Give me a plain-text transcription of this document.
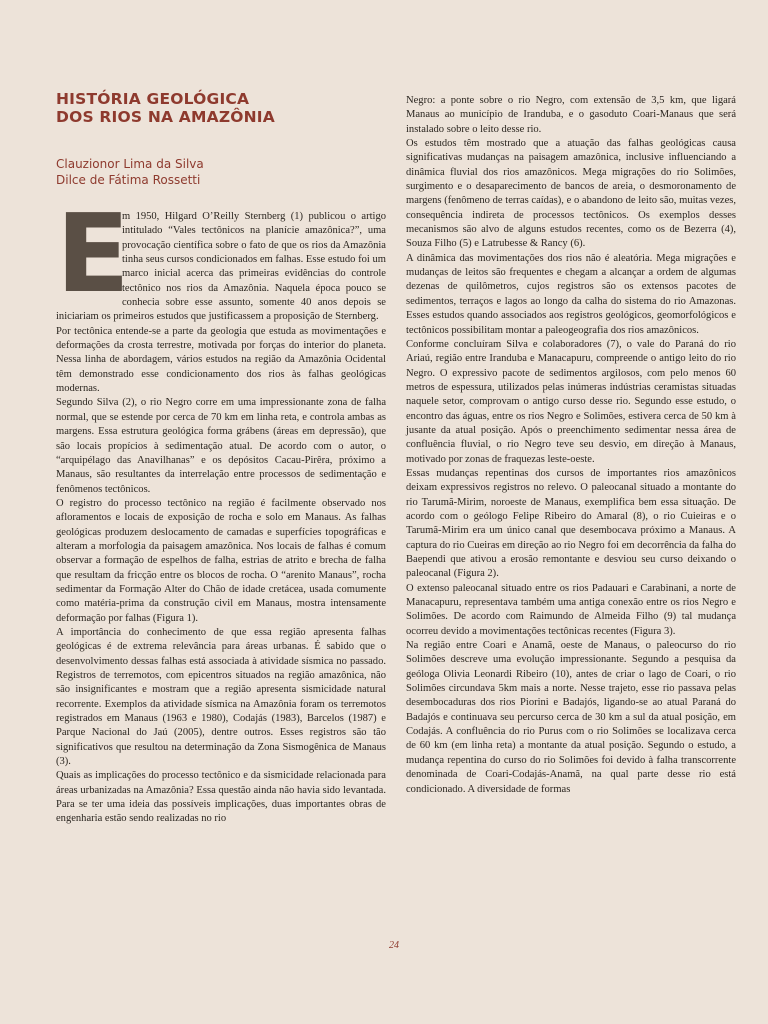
HISTÓRIA GEOLÓGICA
DOS RIOS NA AMAZÔNIA
Clauzionor Lima da Silva
Dilce de Fátima Rossetti
E

m 1950, Hilgard O’Reilly Sternberg (1) publicou o artigo intitulado “Vales tectônicos na planície amazônica?”, uma provocação científica sobre o fato de que os rios da Amazônia tinha seus cursos condicionados em falhas. Esse estudo foi um marco inicial acerca das primeiras evidências do controle tectônico nos rios da Amazônia. Naquela época pouco se conhecia sobre esse assunto, somente 40 anos depois se iniciariam os primeiros estudos que justificassem a proposição de Sternberg.

Por tectônica entende-se a parte da geologia que estuda as movimentações e deformações da crosta terrestre, motivada por forças do interior do planeta. Nessa linha de abordagem, vários estudos na região da Amazônia Ocidental têm demonstrado esse condicionamento dos rios às falhas geológicas modernas.

Segundo Silva (2), o rio Negro corre em uma impressionante zona de falha normal, que se estende por cerca de 70 km em linha reta, e controla ambas as margens. Essa estrutura geológica forma grábens (áreas em depressão), que são locais propícios à sedimentação atual. De acordo com o autor, o “arquipélago das Anavilhanas” e os depósitos Cacau-Pirêra, próximo a Manaus, são resultantes da interrelação entre processos de sedimentação e fenômenos tectônicos.

O registro do processo tectônico na região é facilmente observado nos afloramentos e locais de exposição de rocha e solo em Manaus. As falhas geológicas produzem deslocamento de camadas e superfícies topográficas e alteram a morfologia da paisagem amazônica. Nos locais de falhas é comum observar a formação de espelhos de falha, estrias de atrito e brecha de falha que resultam da fricção entre os blocos de rocha. O “arenito Manaus”, rocha sedimentar da Formação Alter do Chão de idade cretácea, usada comumente como matéria-prima da construção civil em Manaus, mostra intensamente deformação por falhas (Figura 1).

A importância do conhecimento de que essa região apresenta falhas geológicas é de extrema relevância para áreas urbanas. É sabido que o desenvolvimento dessas falhas está associada à atividade sísmica no passado. Registros de terremotos, com epicentros situados na região amazônica, não são insignificantes e mostram que a região apresenta sismicidade natural recorrente. Exemplos da atividade sísmica na Amazônia foram os terremotos registrados em Manaus (1963 e 1980), Codajás (1983), Barcelos (1987) e Parque Nacional do Jaú (2005), dentre outros. Esses registros são tão significativos que resultou na determinação da Zona Sismogênica de Manaus (3).

Quais as implicações do processo tectônico e da sismicidade relacionada para áreas urbanizadas na Amazônia? Essa questão ainda não havia sido levantada. Para se ter uma ideia das possíveis implicações, duas importantes obras de engenharia estão sendo realizadas no rio

Negro: a ponte sobre o rio Negro, com extensão de 3,5 km, que ligará Manaus ao município de Iranduba, e o gasoduto Coari-Manaus que será instalado sobre o leito desse rio.

Os estudos têm mostrado que a atuação das falhas geológicas causa significativas mudanças na paisagem amazônica, inclusive influenciando a dinâmica fluvial dos rios amazônicos. Mega migrações do rio Solimões, surgimento e o desaparecimento de bancos de areia, o desmoronamento de margens (fenômeno de terras caídas), e o abandono de leito são, muitas vezes, consequência indireta de processos tectônicos. Os exemplos desses mecanismos são alvo de alguns estudos recentes, como os de Bezerra (4), Souza Filho (5) e Latrubesse & Rancy (6).

A dinâmica das movimentações dos rios não é aleatória. Mega migrações e mudanças de leitos são frequentes e chegam a alcançar a ordem de algumas dezenas de quilômetros, cujos registros são os extensos pacotes de sedimentos, terraços e lagos ao longo da calha do sistema do rio Amazonas. Esses estudos quando associados aos registros geológicos, geomorfológicos e tectônicos possibilitam montar a paleogeografia dos rios amazônicos.

Conforme concluíram Silva e colaboradores (7), o vale do Paraná do rio Ariaú, região entre Iranduba e Manacapuru, compreende o antigo leito do rio Negro. O expressivo pacote de sedimentos argilosos, com pelo menos 60 metros de espessura, utilizados pelas inúmeras indústrias ceramistas situadas naquele setor, comprovam o antigo curso desse rio. Segundo esse estudo, o encontro das águas, entre os rios Negro e Solimões, estivera cerca de 50 km à jusante da atual posição. Após o preenchimento sedimentar nessa área de confluência fluvial, o rio Negro teve seu desvio, em direção à Manaus, motivado por zonas de fraquezas leste-oeste.

Essas mudanças repentinas dos cursos de importantes rios amazônicos deixam expressivos registros no relevo. O paleocanal situado a montante do rio Tarumã-Mirim, noroeste de Manaus, exemplifica bem essa situação. De acordo com o geólogo Felipe Ribeiro do Amaral (8), o rio Cuieiras e o Tarumã-Mirim era um único canal que desembocava próximo a Manaus. A captura do rio Cueiras em direção ao rio Negro foi em decorrência da falha do Baependi que ativou a erosão remontante e desviou seu curso deixando o paleocanal (Figura 2).

O extenso paleocanal situado entre os rios Padauari e Carabinani, a norte de Manacapuru, representava também uma antiga conexão entre os rios Negro e Solimões. De acordo com Raimundo de Almeida Filho (9) tal mudança ocorreu devido a movimentações tectônicas recentes (Figura 3).

Na região entre Coari e Anamã, oeste de Manaus, o paleocurso do rio Solimões descreve uma evolução impressionante. Segundo a pesquisa da geóloga Olivia Leonardi Ribeiro (10), antes de criar o lago de Coari, o rio Solimões circundava 5km mais a norte. Nesse trajeto, esse rio passava pelas desembocaduras dos rios Piorini e Badajós, ligando-se ao atual Paraná do Badajós e continuava seu percurso cerca de 30 km a sul da atual posição, em Codajás. A confluência do rio Purus com o rio Solimões se localizava cerca de 60 km (em linha reta) a montante da atual posição. Segundo o estudo, a mudança repentina do curso do rio Solimões foi devido à falha transcorrente denominada de Coari-Codajás-Anamã, na qual parte desse rio está condicionado. A diversidade de formas

24
